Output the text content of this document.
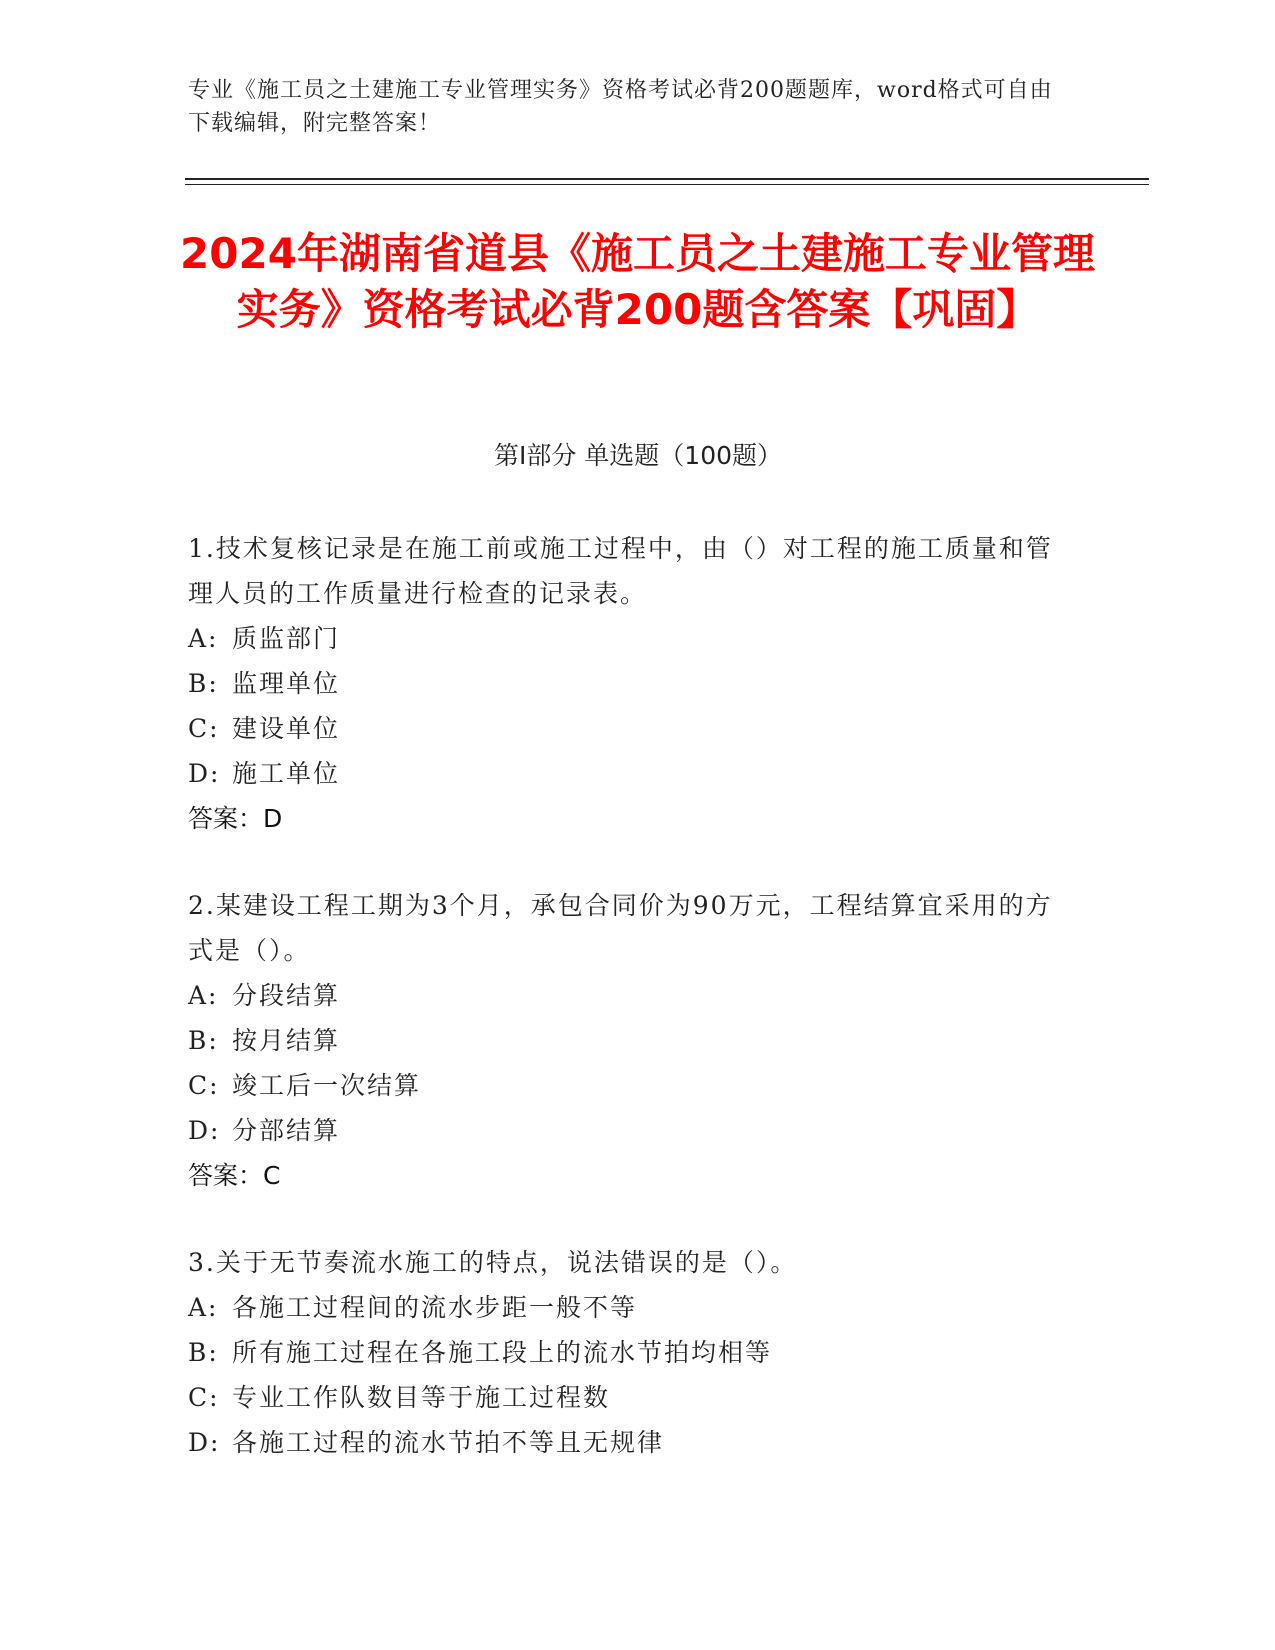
专业《施工员之土建施工专业管理实务》资格考试必背200题题库，word格式可自由下载编辑，附完整答案！
2024年湖南省道县《施工员之土建施工专业管理实务》资格考试必背200题含答案【巩固】
第I部分 单选题（100题）
1.技术复核记录是在施工前或施工过程中，由（）对工程的施工质量和管理人员的工作质量进行检查的记录表。
A: 质监部门
B: 监理单位
C: 建设单位
D: 施工单位
答案：D
2.某建设工程工期为3个月，承包合同价为90万元，工程结算宜采用的方式是（）。
A: 分段结算
B: 按月结算
C: 竣工后一次结算
D: 分部结算
答案：C
3.关于无节奏流水施工的特点，说法错误的是（）。
A: 各施工过程间的流水步距一般不等
B: 所有施工过程在各施工段上的流水节拍均相等
C: 专业工作队数目等于施工过程数
D: 各施工过程的流水节拍不等且无规律
